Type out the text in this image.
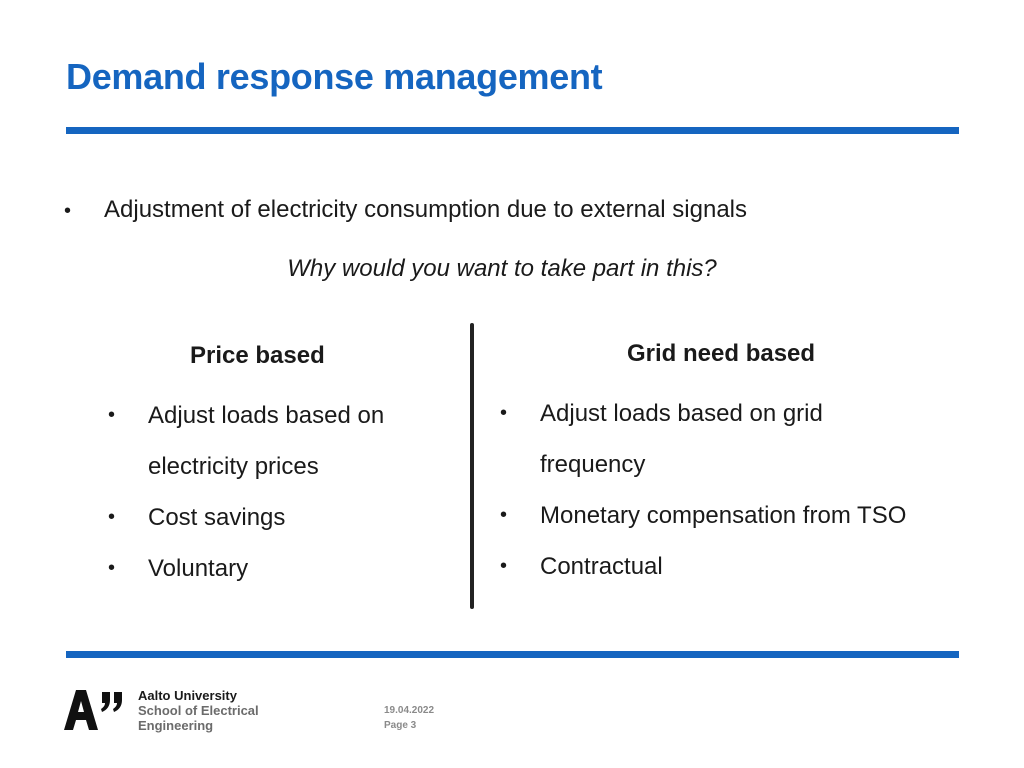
Demand response management
•	Adjustment of electricity consumption due to external signals
Why would you want to take part in this?
Price based
•	Adjust loads based on electricity prices
•	Cost savings
•	Voluntary
Grid need based
•	Adjust loads based on grid frequency
•	Monetary compensation from TSO
•	Contractual
Aalto University
School of Electrical Engineering
19.04.2022
Page 3
